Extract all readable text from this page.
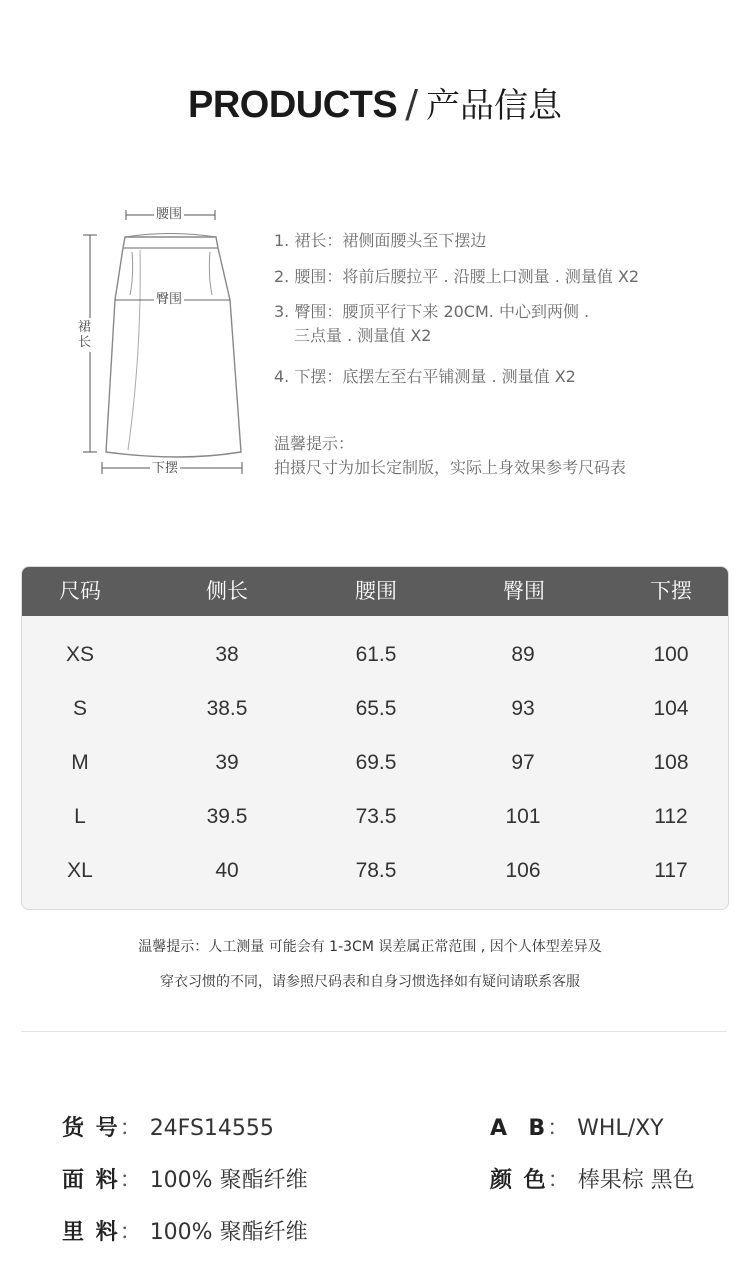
PRODUCTS / 产品信息
腰围
臀围
裙长
下摆
1. 裙长：裙侧面腰头至下摆边
2. 腰围：将前后腰拉平 . 沿腰上口测量 . 测量值 X2
3. 臀围：腰顶平行下来 20CM. 中心到两侧 .
三点量 . 测量值 X2
4. 下摆：底摆左至右平铺测量 . 测量值 X2
温馨提示：
拍摄尺寸为加长定制版，实际上身效果参考尺码表
尺码	侧长	腰围	臀围	下摆
XS	38	61.5	89	100
S	38.5	65.5	93	104
M	39	69.5	97	108
L	39.5	73.5	101	112
XL	40	78.5	106	117
温馨提示：人工测量 可能会有 1-3CM 误差属正常范围 , 因个人体型差异及
穿衣习惯的不同，请参照尺码表和自身习惯选择如有疑问请联系客服
货 号： 24FS14555
面 料： 100% 聚酯纤维
里 料： 100% 聚酯纤维
A  B： WHL/XY
颜 色： 棒果棕 黑色
